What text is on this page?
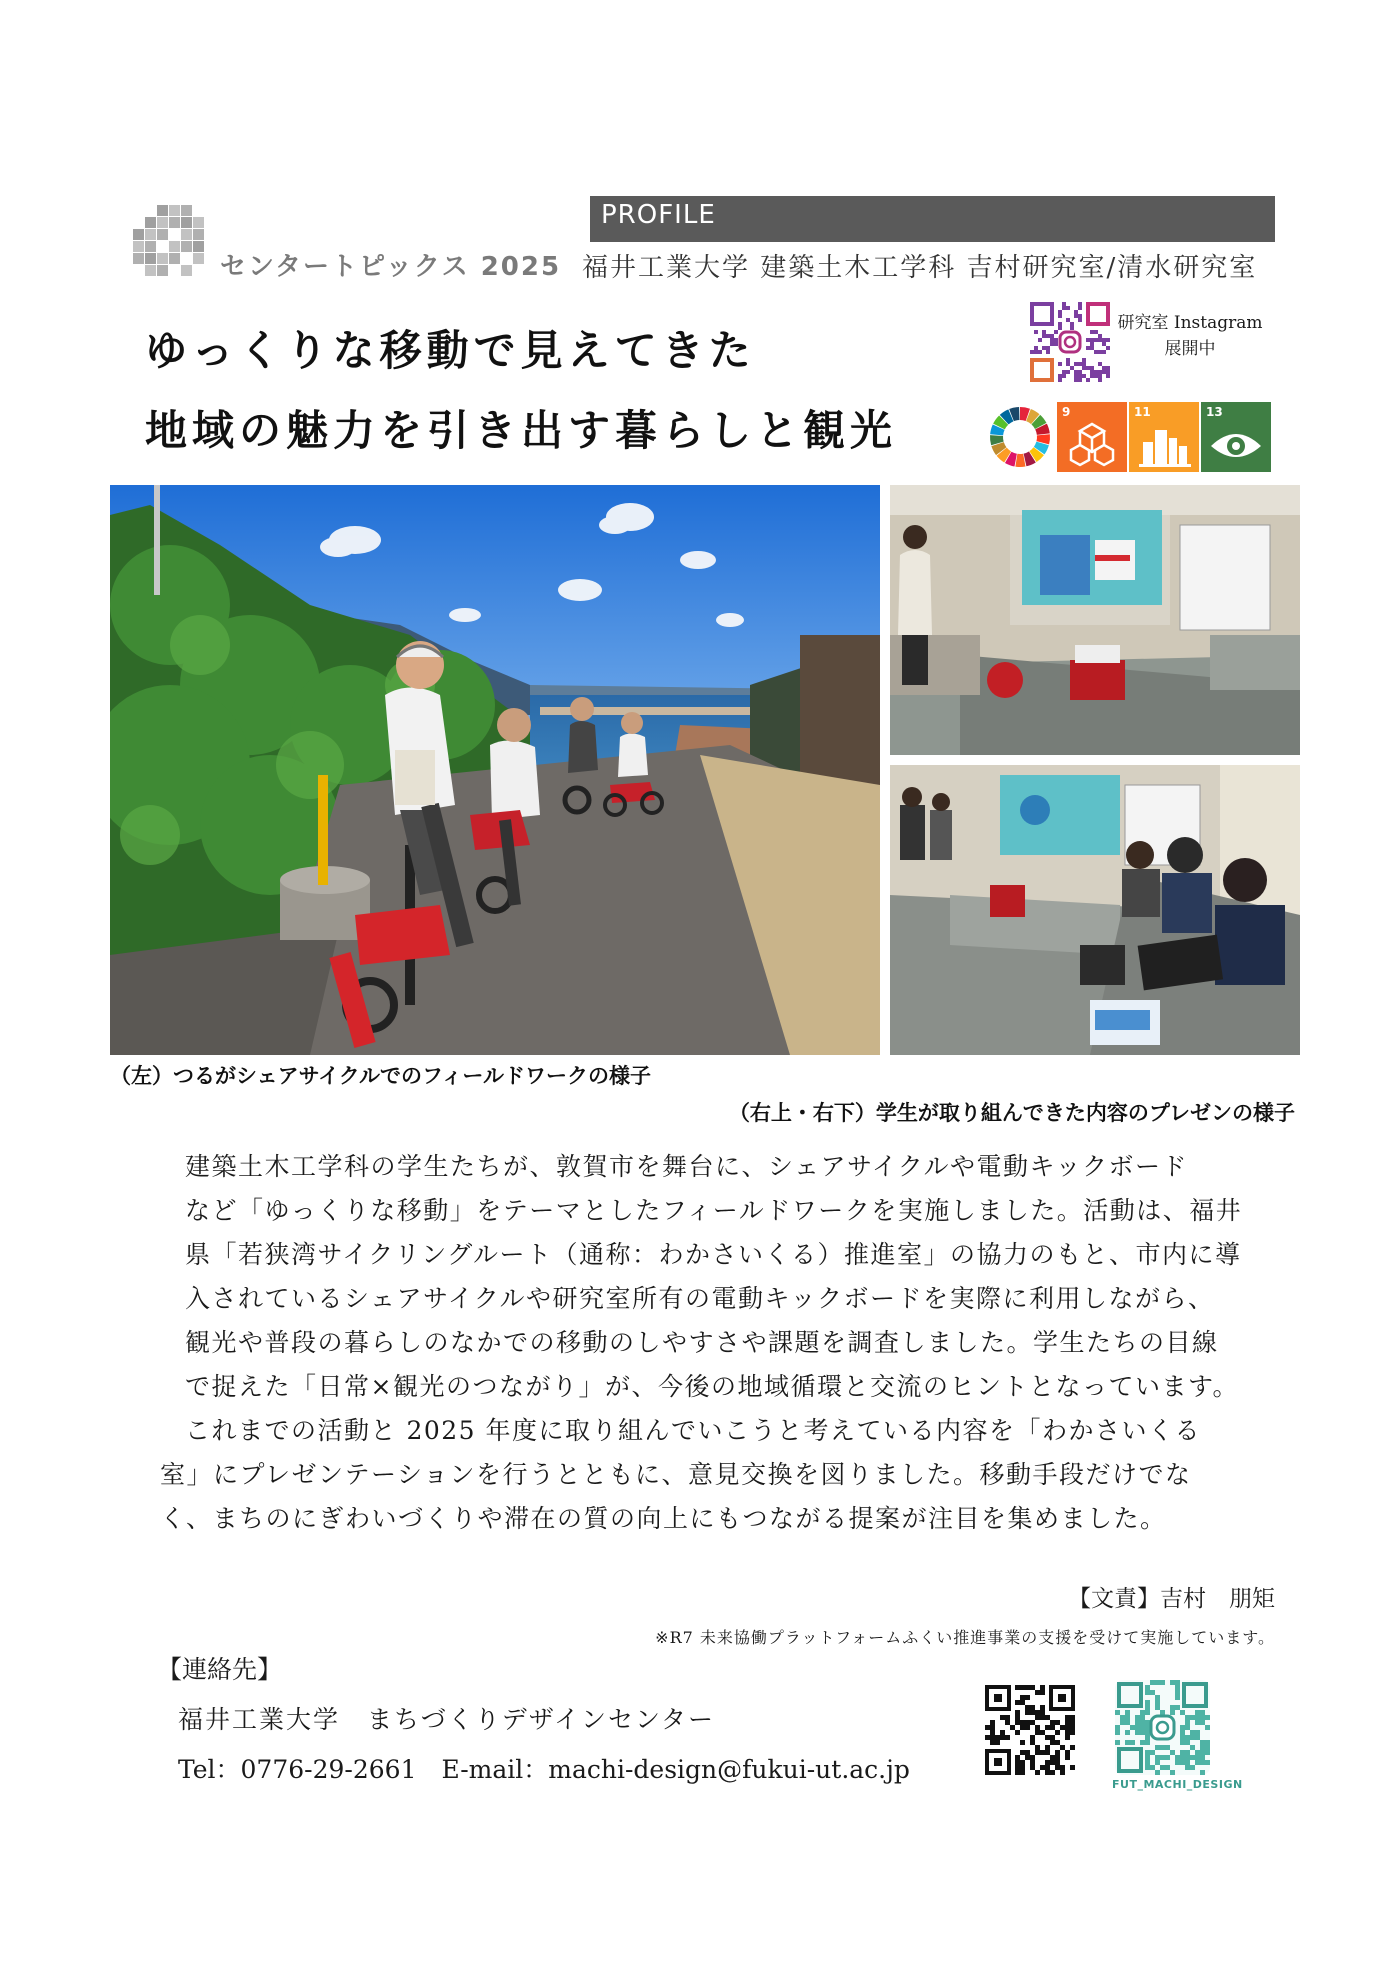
センタートピックス 2025
PROFILE
福井工業大学 建築土木工学科 吉村研究室/清水研究室
ゆっくりな移動で見えてきた
地域の魅力を引き出す暮らしと観光
研究室 Instagram
展開中
9	11	13
（左）つるがシェアサイクルでのフィールドワークの様子
（右上・右下）学生が取り組んできた内容のプレゼンの様子

建築土木工学科の学生たちが、敦賀市を舞台に、シェアサイクルや電動キックボード
など「ゆっくりな移動」をテーマとしたフィールドワークを実施しました。活動は、福井
県「若狭湾サイクリングルート（通称：わかさいくる）推進室」の協力のもと、市内に導
入されているシェアサイクルや研究室所有の電動キックボードを実際に利用しながら、
観光や普段の暮らしのなかでの移動のしやすさや課題を調査しました。学生たちの目線
で捉えた「日常×観光のつながり」が、今後の地域循環と交流のヒントとなっています。

これまでの活動と 2025 年度に取り組んでいこうと考えている内容を「わかさいくる
室」にプレゼンテーションを行うとともに、意見交換を図りました。移動手段だけでな
く、まちのにぎわいづくりや滞在の質の向上にもつながる提案が注目を集めました。

【文責】吉村　朋矩
※R7 未来協働プラットフォームふくい推進事業の支援を受けて実施しています。
【連絡先】
福井工業大学　まちづくりデザインセンター
Tel：0776-29-2661　E-mail：machi-design@fukui-ut.ac.jp
FUT_MACHI_DESIGN
